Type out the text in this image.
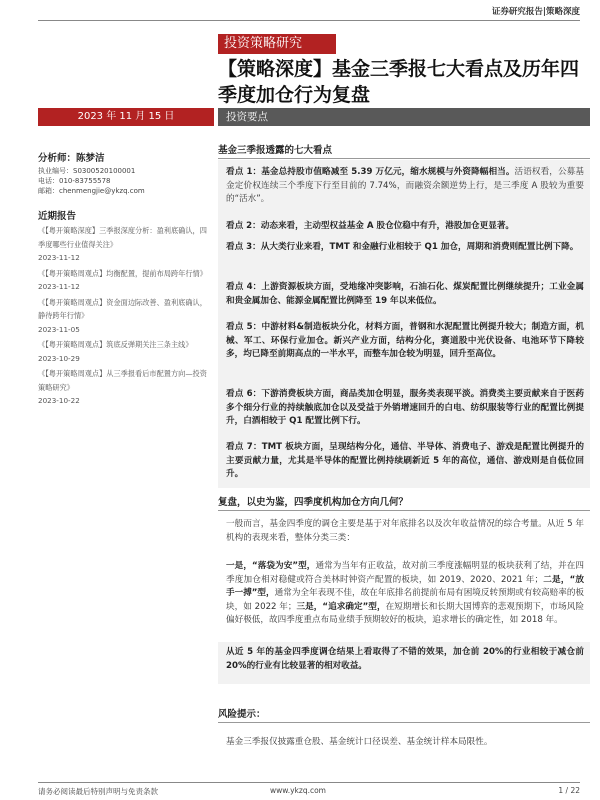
证券研究报告|策略深度
投资策略研究
【策略深度】基金三季报七大看点及历年四季度加仓行为复盘
2023 年 11 月 15 日	投资要点
分析师：陈梦洁
执业编号：S0300520100001
电话：010-83755578
邮箱：chenmengjie@ykzq.com
近期报告
《【粤开策略深度】三季报深度分析：盈利底确认，四季度哪些行业值得关注》
2023-11-12
《【粤开策略周观点】均衡配置，提前布局跨年行情》
2023-11-12
《【粤开策略周观点】资金面边际改善、盈利底确认，静待跨年行情》
2023-11-05
《【粤开策略周观点】筑底反弹期关注三条主线》
2023-10-29
《【粤开策略周观点】从三季报看后市配置方向—投资策略研究》
2023-10-22
基金三季报透露的七大看点
看点 1：基金总持股市值略减至 5.39 万亿元，缩水规模与外资降幅相当。活语权看，公募基金定价权连续三个季度下行至目前的 7.74%，而融资余额逆势上行，是三季度 A 股较为重要的“活水”。
看点 2：动态来看，主动型权益基金 A 股仓位稳中有升，港股加仓更显著。
看点 3：从大类行业来看，TMT 和金融行业相较于 Q1 加仓，周期和消费则配置比例下降。
看点 4：上游资源板块方面，受地缘冲突影响，石油石化、煤炭配置比例继续提升；工业金属和贵金属加仓、能源金属配置比例降至 19 年以来低位。
看点 5：中游材料&制造板块分化，材料方面，普钢和水泥配置比例提升较大；制造方面，机械、军工、环保行业加仓。新兴产业方面，结构分化，赛道股中光伏设备、电池环节下降较多，均已降至前期高点的一半水平，而整车加仓较为明显，回升至高位。
看点 6：下游消费板块方面，商品类加仓明显，服务类表现平淡。消费类主要贡献来自于医药多个细分行业的持续触底加仓以及受益于外销增速回升的白电、纺织服装等行业的配置比例提升，白酒相较于 Q1 配置比例下行。
看点 7：TMT 板块方面，呈现结构分化，通信、半导体、消费电子、游戏是配置比例提升的主要贡献力量，尤其是半导体的配置比例持续刷新近 5 年的高位，通信、游戏则是自低位回升。
复盘，以史为鉴，四季度机构加仓方向几何？
一般而言，基金四季度的调仓主要是基于对年底排名以及次年收益情况的综合考量。从近 5 年机构的表现来看，整体分类三类：
一是，“落袋为安”型，通常为当年有正收益，故对前三季度涨幅明显的板块获利了结，并在四季度加仓相对稳健或符合美林时钟资产配置的板块，如 2019、2020、2021 年；二是，“放手一搏”型，通常为全年表现不佳，故在年底排名前提前布局有困境反转预期或有较高赔率的板块，如 2022 年；三是，“追求确定”型，在短期增长和长期大国博弈的悲观预期下，市场风险偏好极低，故四季度重点布局业绩手预期较好的板块，追求增长的确定性，如 2018 年。
从近 5 年的基金四季度调仓结果上看取得了不错的效果，加仓前 20%的行业相较于减仓前 20%的行业有比较显著的相对收益。
风险提示：
基金三季报仅披露重仓股、基金统计口径误差、基金统计样本局限性。
请务必阅读最后特别声明与免责条款	www.ykzq.com	1 / 22
